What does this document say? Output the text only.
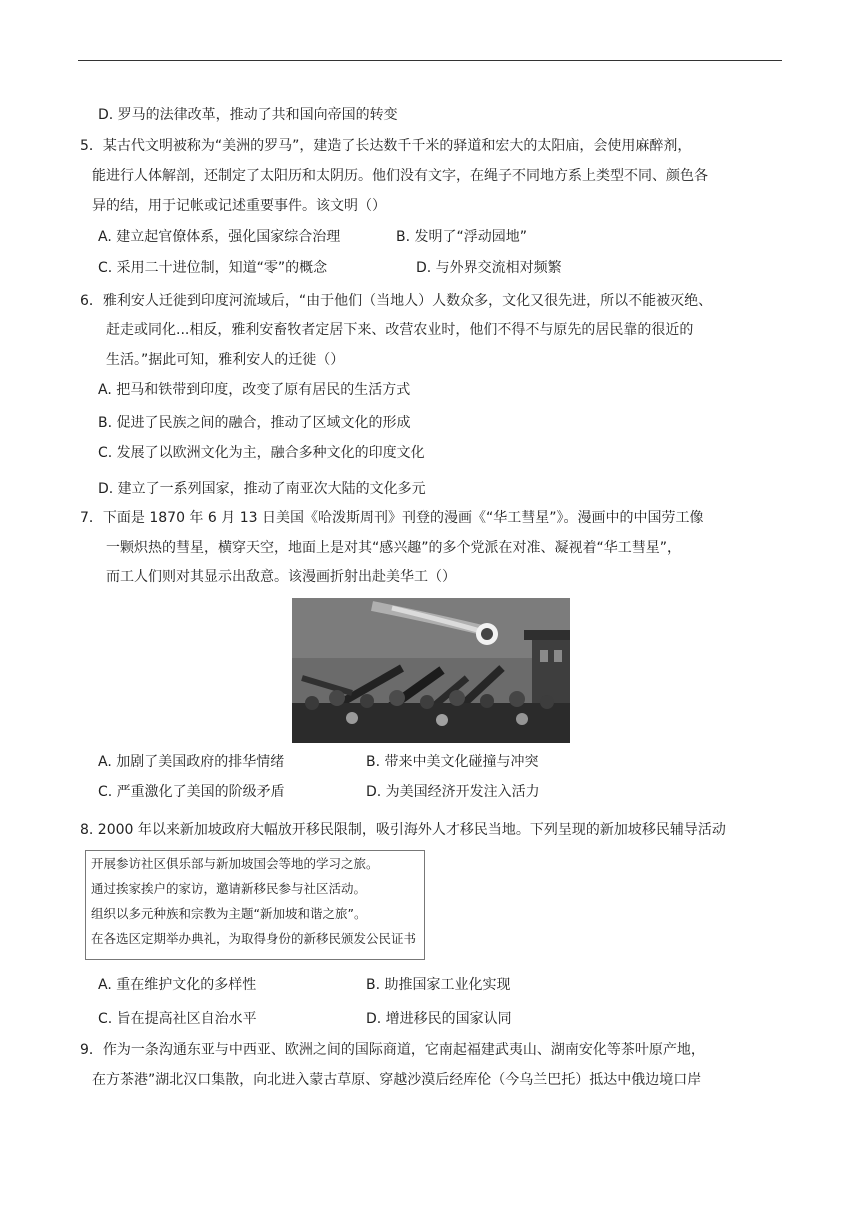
D. 罗马的法律改革，推动了共和国向帝国的转变
5．某古代文明被称为“美洲的罗马”，建造了长达数千千米的驿道和宏大的太阳庙，会使用麻醉剂，
能进行人体解剖，还制定了太阳历和太阴历。他们没有文字，在绳子不同地方系上类型不同、颜色各
异的结，用于记帐或记述重要事件。该文明（）
A. 建立起官僚体系，强化国家综合治理	B. 发明了“浮动园地”
C. 采用二十进位制，知道“零”的概念	D. 与外界交流相对频繁
6．雅利安人迁徙到印度河流域后，“由于他们（当地人）人数众多，文化又很先进，所以不能被灭绝、
赶走或同化...相反，雅利安畜牧者定居下来、改营农业时，他们不得不与原先的居民靠的很近的
生活。”据此可知，雅利安人的迁徙（）
A. 把马和铁带到印度，改变了原有居民的生活方式
B. 促进了民族之间的融合，推动了区域文化的形成
C. 发展了以欧洲文化为主，融合多种文化的印度文化
D. 建立了一系列国家，推动了南亚次大陆的文化多元
7．下面是 1870 年 6 月 13 日美国《哈泼斯周刊》刊登的漫画《“华工彗星”》。漫画中的中国劳工像
一颗炽热的彗星，横穿天空，地面上是对其“感兴趣”的多个党派在对准、凝视着“华工彗星”，
而工人们则对其显示出敌意。该漫画折射出赴美华工（）
A. 加剧了美国政府的排华情绪	B. 带来中美文化碰撞与冲突
C. 严重激化了美国的阶级矛盾	D. 为美国经济开发注入活力
8. 2000 年以来新加坡政府大幅放开移民限制，吸引海外人才移民当地。下列呈现的新加坡移民辅导活动
开展参访社区俱乐部与新加坡国会等地的学习之旅。
通过挨家挨户的家访，邀请新移民参与社区活动。
组织以多元种族和宗教为主题“新加坡和谐之旅”。
在各选区定期举办典礼，为取得身份的新移民颁发公民证书
A. 重在维护文化的多样性	B. 助推国家工业化实现
C. 旨在提高社区自治水平	D. 增进移民的国家认同
9．作为一条沟通东亚与中西亚、欧洲之间的国际商道，它南起福建武夷山、湖南安化等茶叶原产地，
在方茶港”湖北汉口集散，向北进入蒙古草原、穿越沙漠后经库伦（今乌兰巴托）抵达中俄边境口岸
